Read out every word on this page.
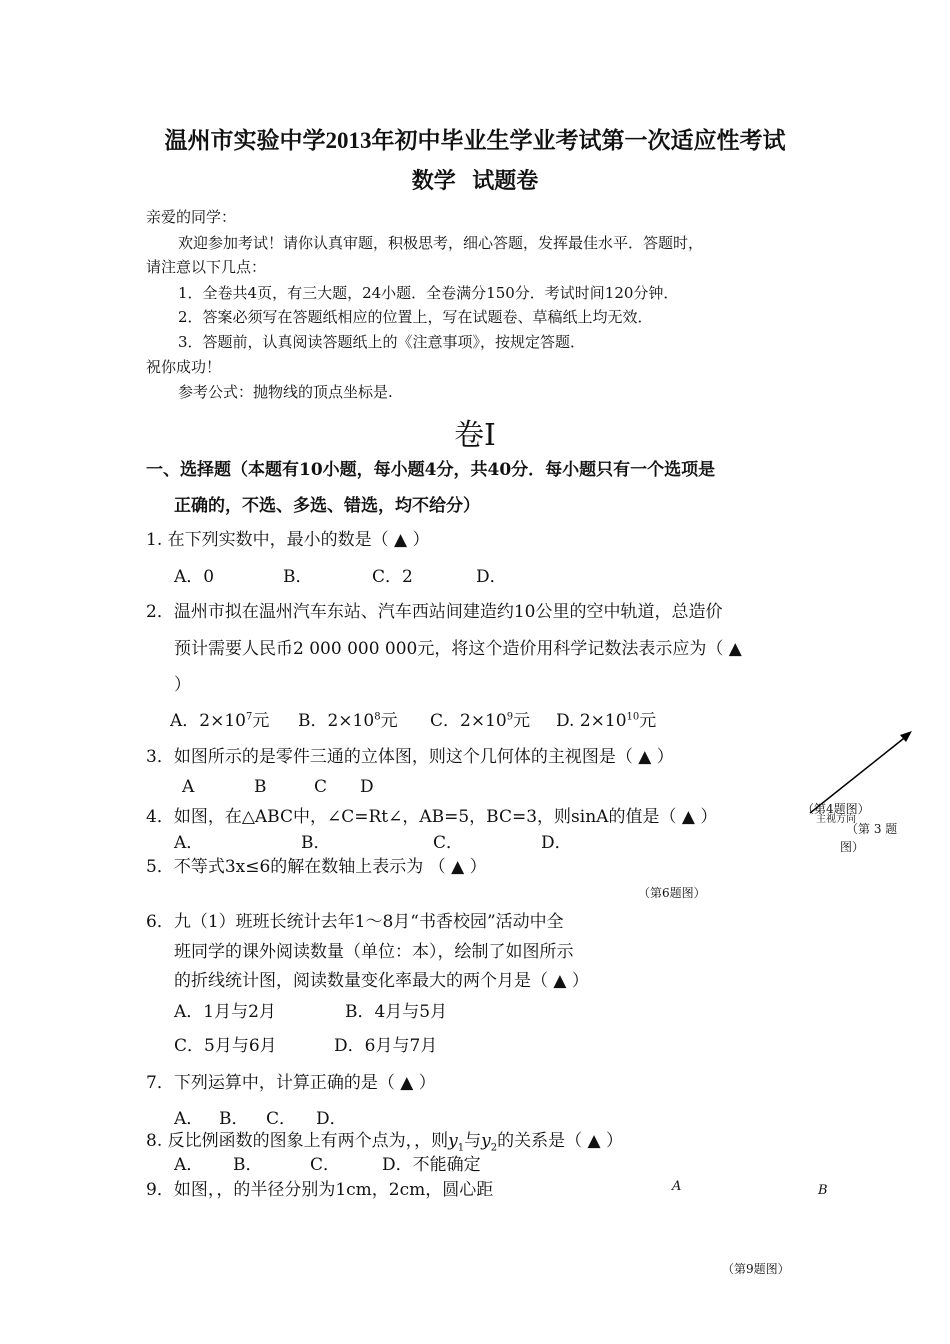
温州市实验中学2013年初中毕业生学业考试第一次适应性考试
数学   试题卷
亲爱的同学：
欢迎参加考试！请你认真审题，积极思考，细心答题，发挥最佳水平．答题时，
请注意以下几点：
1．全卷共4页，有三大题，24小题．全卷满分150分．考试时间120分钟．
2．答案必须写在答题纸相应的位置上，写在试题卷、草稿纸上均无效．
3．答题前，认真阅读答题纸上的《注意事项》，按规定答题．
祝你成功！
参考公式：抛物线的顶点坐标是.
卷Ⅰ
一、选择题（本题有10小题，每小题4分，共40分．每小题只有一个选项是
正确的，不选、多选、错选，均不给分）
1. 在下列实数中，最小的数是（ ▲ ）
A．0	B．	C．2	D．
2．温州市拟在温州汽车东站、汽车西站间建造约10公里的空中轨道，总造价
预计需要人民币2 000 000 000元，将这个造价用科学记数法表示应为（ ▲
）
A．$2\times 10^7$元 B．$2\times 10^8$元 C．$2\times 10^9$元 D. $2\times 10^{10}$元
3．如图所示的是零件三通的立体图，则这个几何体的主视图是（ ▲ ）
A	B	C D
（第4题图）
主视方向
（第 3 题
图）
4．如图，在△ABC中，∠C=Rt∠，AB=5，BC=3，则sinA的值是（ ▲ ）
A．	B．	C．	D．
5．不等式3x≤6的解在数轴上表示为 （ ▲ ）
（第6题图）
6．九（1）班班长统计去年1～8月“书香校园”活动中全
班同学的课外阅读数量（单位：本），绘制了如图所示
的折线统计图，阅读数量变化率最大的两个月是（ ▲ ）
A．1月与2月	B．4月与5月
C．5月与6月	D．6月与7月
7．下列运算中，计算正确的是（ ▲ ）
A． B． C． D．
8. 反比例函数的图象上有两个点为，，则$y_1$与$y_2$的关系是（ ▲ ）
A． B．	C． D．不能确定
9．如图，，的半径分别为1cm，2cm，圆心距	A	B
（第9题图）
